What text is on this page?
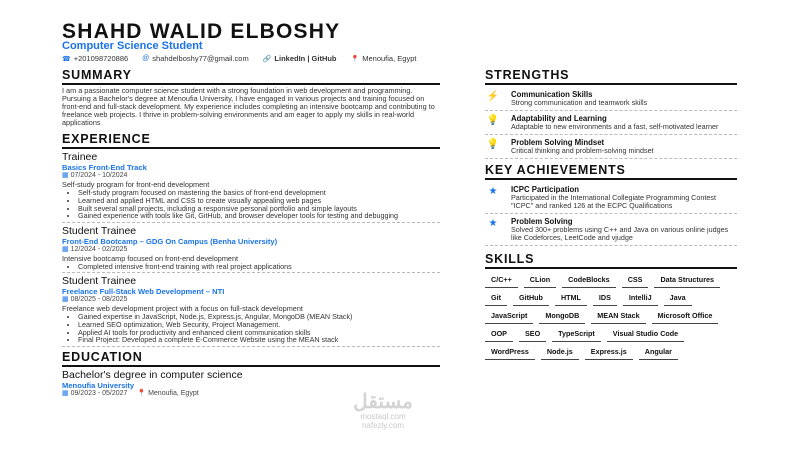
SHAHD WALID ELBOSHY
Computer Science Student
☎ +201098720886 @ shahdelboshy77@gmail.com 🔗 LinkedIn | GitHub 📍 Menoufia, Egypt
SUMMARY
I am a passionate computer science student with a strong foundation in web development and programming. Pursuing a Bachelor's degree at Menoufia University, I have engaged in various projects and training focused on front-end and full-stack development. My experience includes completing an intensive bootcamp and contributing to freelance web projects. I thrive in problem-solving environments and am eager to apply my skills in real-world applications
EXPERIENCE
Trainee
Basics Front-End Track
▦ 07/2024 - 10/2024
Self-study program for front-end development
• Self-study program focused on mastering the basics of front-end development
• Learned and applied HTML and CSS to create visually appealing web pages
• Built several small projects, including a responsive personal portfolio and simple layouts
• Gained experience with tools like Git, GitHub, and browser developer tools for testing and debugging
Student Trainee
Front-End Bootcamp – GDG On Campus (Benha University)
▦ 12/2024 - 02/2025
Intensive bootcamp focused on front-end development
• Completed intensive front-end training with real project applications
Student Trainee
Freelance Full-Stack Web Development – NTI
▦ 08/2025 - 08/2025
Freelance web development project with a focus on full-stack development
• Gained expertise in JavaScript, Node.js, Express.js, Angular, MongoDB (MEAN Stack)
• Learned SEO optimization, Web Security, Project Management.
• Applied AI tools for productivity and enhanced client communication skills
• Final Project: Developed a complete E-Commerce Website using the MEAN stack
EDUCATION
Bachelor's degree in computer science
Menoufia University
▦ 09/2023 - 05/2027 📍 Menoufia, Egypt
STRENGTHS
⚡ Communication Skills
Strong communication and teamwork skills
💡 Adaptability and Learning
Adaptable to new environments and a fast, self-motivated learner
💡 Problem Solving Mindset
Critical thinking and problem-solving mindset
KEY ACHIEVEMENTS
★	ICPC Participation
Participated in the International Collegiate Programming Contest "ICPC" and ranked 126 at the ECPC Qualifications
★	Problem Solving
Solved 300+ problems using C++ and Java on various online judges like Codeforces, LeetCode and vjudge
SKILLS
C/C++	CLion	CodeBlocks	CSS	Data Structures
Git	GitHub	HTML	IDS	IntelliJ	Java
JavaScript	MongoDB	MEAN Stack	Microsoft Office
OOP	SEO	TypeScript	Visual Studio Code
WordPress	Node.js	Express.js	Angular
مستقل
mostaql.com
nafezly.com
